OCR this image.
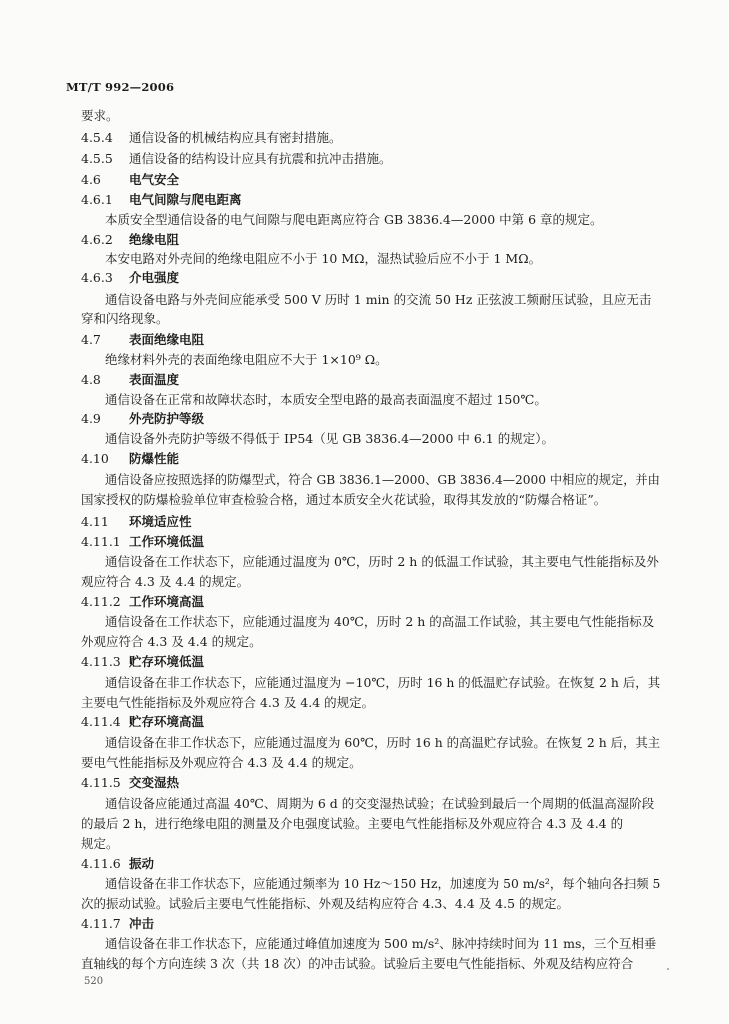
MT/T 992—2006
要求。
4.5.4 通信设备的机械结构应具有密封措施。
4.5.5 通信设备的结构设计应具有抗震和抗冲击措施。
4.6 电气安全
4.6.1 电气间隙与爬电距离
本质安全型通信设备的电气间隙与爬电距离应符合 GB 3836.4—2000 中第 6 章的规定。
4.6.2 绝缘电阻
本安电路对外壳间的绝缘电阻应不小于 10 MΩ，湿热试验后应不小于 1 MΩ。
4.6.3 介电强度
通信设备电路与外壳间应能承受 500 V 历时 1 min 的交流 50 Hz 正弦波工频耐压试验，且应无击
穿和闪络现象。
4.7 表面绝缘电阻
绝缘材料外壳的表面绝缘电阻应不大于 1×10⁹ Ω。
4.8 表面温度
通信设备在正常和故障状态时，本质安全型电路的最高表面温度不超过 150℃。
4.9 外壳防护等级
通信设备外壳防护等级不得低于 IP54（见 GB 3836.4—2000 中 6.1 的规定）。
4.10 防爆性能
通信设备应按照选择的防爆型式，符合 GB 3836.1—2000、GB 3836.4—2000 中相应的规定，并由
国家授权的防爆检验单位审查检验合格，通过本质安全火花试验，取得其发放的“防爆合格证”。
4.11 环境适应性
4.11.1 工作环境低温
通信设备在工作状态下，应能通过温度为 0℃，历时 2 h 的低温工作试验，其主要电气性能指标及外
观应符合 4.3 及 4.4 的规定。
4.11.2 工作环境高温
通信设备在工作状态下，应能通过温度为 40℃，历时 2 h 的高温工作试验，其主要电气性能指标及
外观应符合 4.3 及 4.4 的规定。
4.11.3 贮存环境低温
通信设备在非工作状态下，应能通过温度为 −10℃，历时 16 h 的低温贮存试验。在恢复 2 h 后，其
主要电气性能指标及外观应符合 4.3 及 4.4 的规定。
4.11.4 贮存环境高温
通信设备在非工作状态下，应能通过温度为 60℃，历时 16 h 的高温贮存试验。在恢复 2 h 后，其主
要电气性能指标及外观应符合 4.3 及 4.4 的规定。
4.11.5 交变湿热
通信设备应能通过高温 40℃、周期为 6 d 的交变湿热试验；在试验到最后一个周期的低温高湿阶段
的最后 2 h，进行绝缘电阻的测量及介电强度试验。主要电气性能指标及外观应符合 4.3 及 4.4 的
规定。
4.11.6 振动
通信设备在非工作状态下，应能通过频率为 10 Hz～150 Hz，加速度为 50 m/s²，每个轴向各扫频 5
次的振动试验。试验后主要电气性能指标、外观及结构应符合 4.3、4.4 及 4.5 的规定。
4.11.7 冲击
通信设备在非工作状态下，应能通过峰值加速度为 500 m/s²、脉冲持续时间为 11 ms，三个互相垂
直轴线的每个方向连续 3 次（共 18 次）的冲击试验。试验后主要电气性能指标、外观及结构应符合
520
